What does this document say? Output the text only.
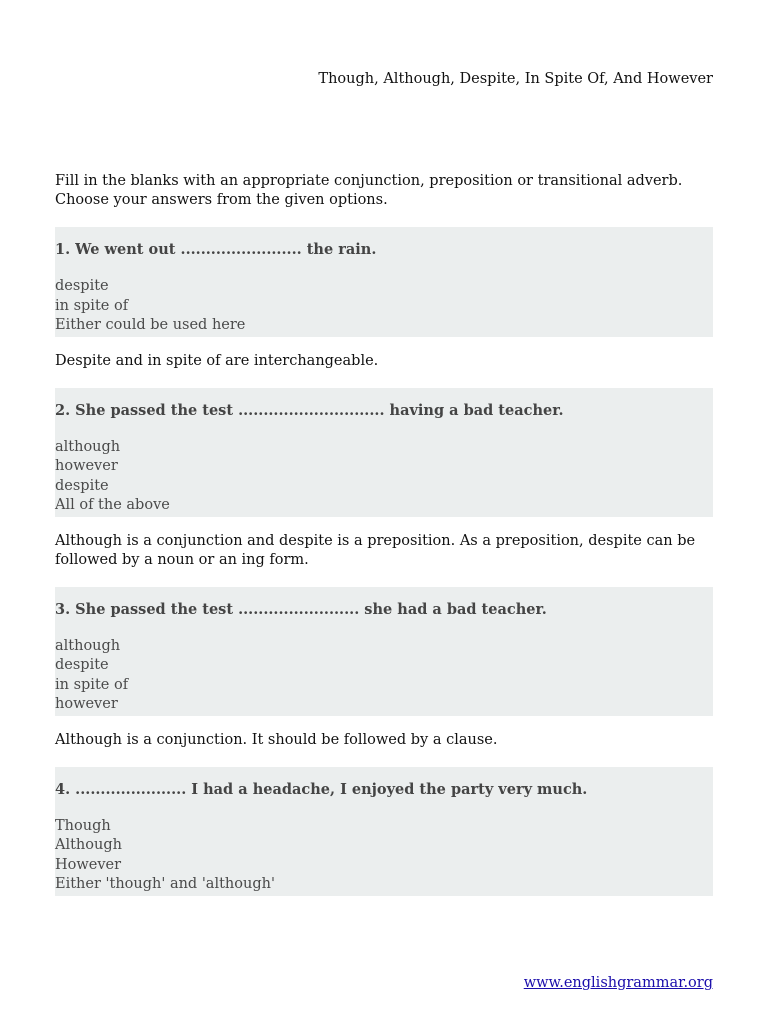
Though, Although, Despite, In Spite Of, And However
Fill in the blanks with an appropriate conjunction, preposition or transitional adverb.
Choose your answers from the given options.
1. We went out ........................ the rain.
despite
in spite of
Either could be used here
Despite and in spite of are interchangeable.
2. She passed the test ............................. having a bad teacher.
although
however
despite
All of the above
Although is a conjunction and despite is a preposition. As a preposition, despite can be followed by a noun or an ing form.
3. She passed the test ........................ she had a bad teacher.
although
despite
in spite of
however
Although is a conjunction. It should be followed by a clause.
4. ...................... I had a headache, I enjoyed the party very much.
Though
Although
However
Either 'though' and 'although'
www.englishgrammar.org
